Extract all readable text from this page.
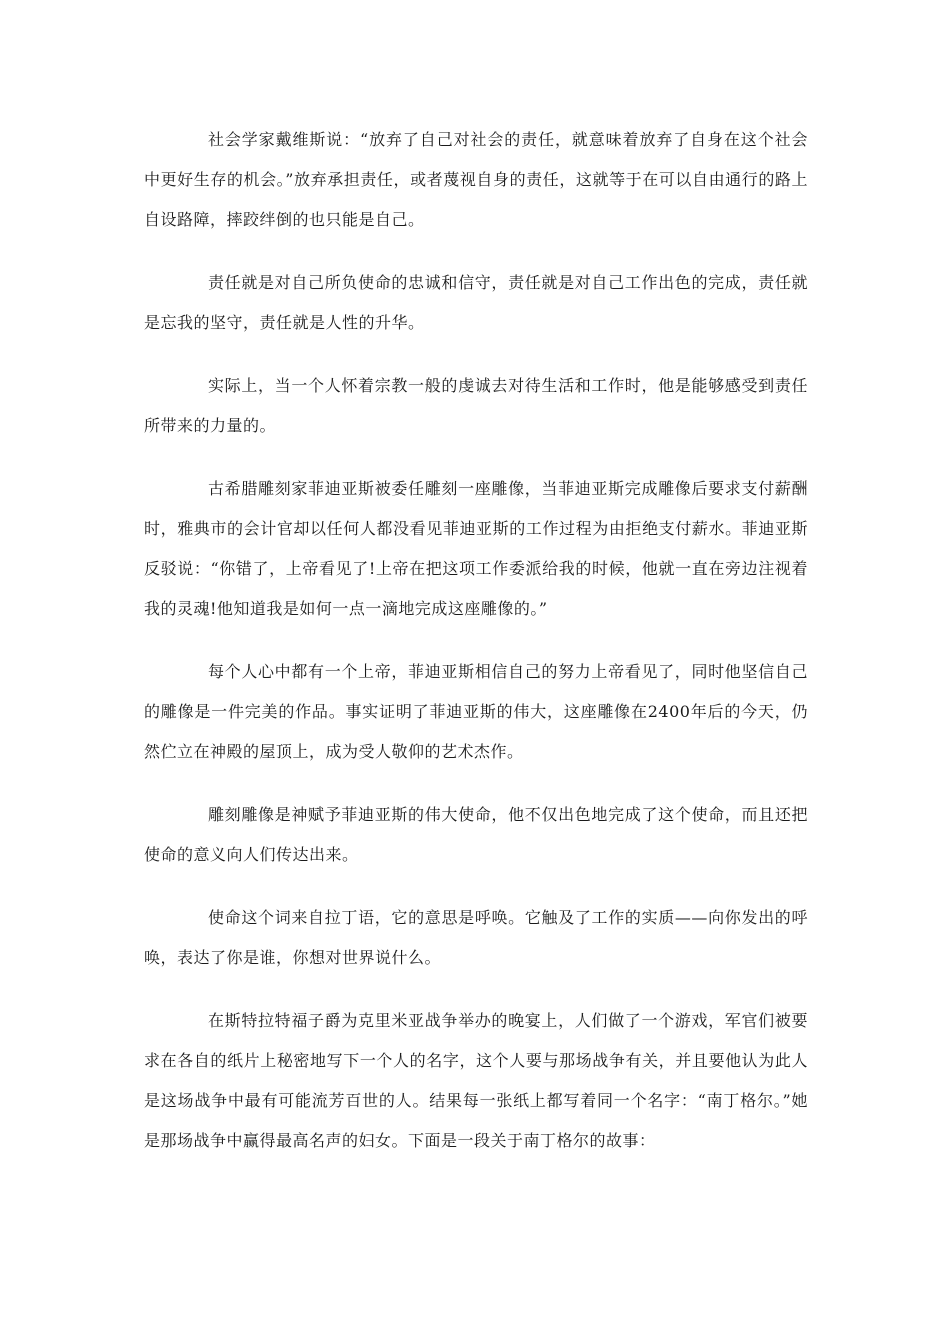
社会学家戴维斯说：“放弃了自己对社会的责任，就意味着放弃了自身在这个社会中更好生存的机会。”放弃承担责任，或者蔑视自身的责任，这就等于在可以自由通行的路上自设路障，摔跤绊倒的也只能是自己。

责任就是对自己所负使命的忠诚和信守，责任就是对自己工作出色的完成，责任就是忘我的坚守，责任就是人性的升华。

实际上，当一个人怀着宗教一般的虔诚去对待生活和工作时，他是能够感受到责任所带来的力量的。

古希腊雕刻家菲迪亚斯被委任雕刻一座雕像，当菲迪亚斯完成雕像后要求支付薪酬时，雅典市的会计官却以任何人都没看见菲迪亚斯的工作过程为由拒绝支付薪水。菲迪亚斯反驳说：“你错了，上帝看见了!上帝在把这项工作委派给我的时候，他就一直在旁边注视着我的灵魂!他知道我是如何一点一滴地完成这座雕像的。”

每个人心中都有一个上帝，菲迪亚斯相信自己的努力上帝看见了，同时他坚信自己的雕像是一件完美的作品。事实证明了菲迪亚斯的伟大，这座雕像在2400年后的今天，仍然伫立在神殿的屋顶上，成为受人敬仰的艺术杰作。

雕刻雕像是神赋予菲迪亚斯的伟大使命，他不仅出色地完成了这个使命，而且还把使命的意义向人们传达出来。

使命这个词来自拉丁语，它的意思是呼唤。它触及了工作的实质——向你发出的呼唤，表达了你是谁，你想对世界说什么。

在斯特拉特福子爵为克里米亚战争举办的晚宴上，人们做了一个游戏，军官们被要求在各自的纸片上秘密地写下一个人的名字，这个人要与那场战争有关，并且要他认为此人是这场战争中最有可能流芳百世的人。结果每一张纸上都写着同一个名字：“南丁格尔。”她是那场战争中赢得最高名声的妇女。下面是一段关于南丁格尔的故事：
